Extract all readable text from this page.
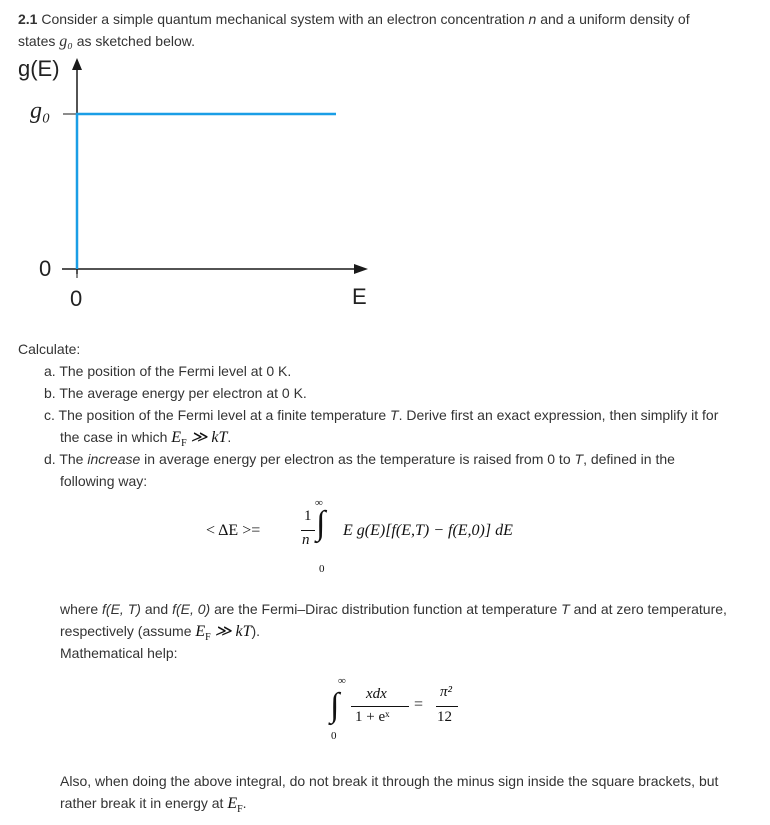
2.1 Consider a simple quantum mechanical system with an electron concentration n and a uniform density of
states g₀ as sketched below.
g(E)
g₀
0
0	E
Calculate:
a. The position of the Fermi level at 0 K.
b. The average energy per electron at 0 K.
c. The position of the Fermi level at a finite temperature T. Derive first an exact expression, then simplify it for
the case in which $E_F$ ≫ kT.
d. The increase in average energy per electron as the temperature is raised from 0 to T, defined in the
following way:
< ΔE >=
1
n ∫
∞
0
E g(E)[f(E,T) − f(E,0)] dE
where f(E, T) and f(E, 0) are the Fermi–Dirac distribution function at temperature T and at zero temperature,
respectively (assume $E_F$ ≫ kT).
Mathematical help:
∞
∫
0
xdx
1 + eˣ
=
π²
12
Also, when doing the above integral, do not break it through the minus sign inside the square brackets, but
rather break it in energy at $E_F$.
